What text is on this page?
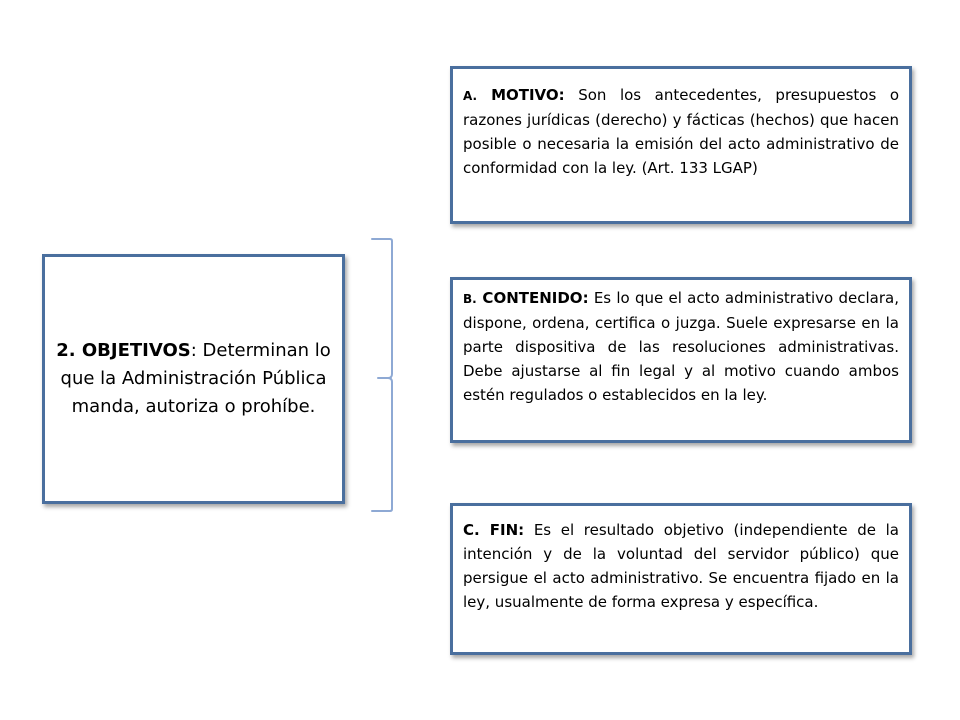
2. OBJETIVOS: Determinan lo que la Administración Pública manda, autoriza o prohíbe.
A. MOTIVO: Son los antecedentes, presupuestos o razones jurídicas (derecho) y fácticas (hechos) que hacen posible o necesaria la emisión del acto administrativo de conformidad con la ley. (Art. 133 LGAP)
B. CONTENIDO: Es lo que el acto administrativo declara, dispone, ordena, certifica o juzga. Suele expresarse en la parte dispositiva de las resoluciones administrativas. Debe ajustarse al fin legal y al motivo cuando ambos estén regulados o establecidos en la ley.
C. FIN: Es el resultado objetivo (independiente de la intención y de la voluntad del servidor público) que persigue el acto administrativo. Se encuentra fijado en la ley, usualmente de forma expresa y específica.
